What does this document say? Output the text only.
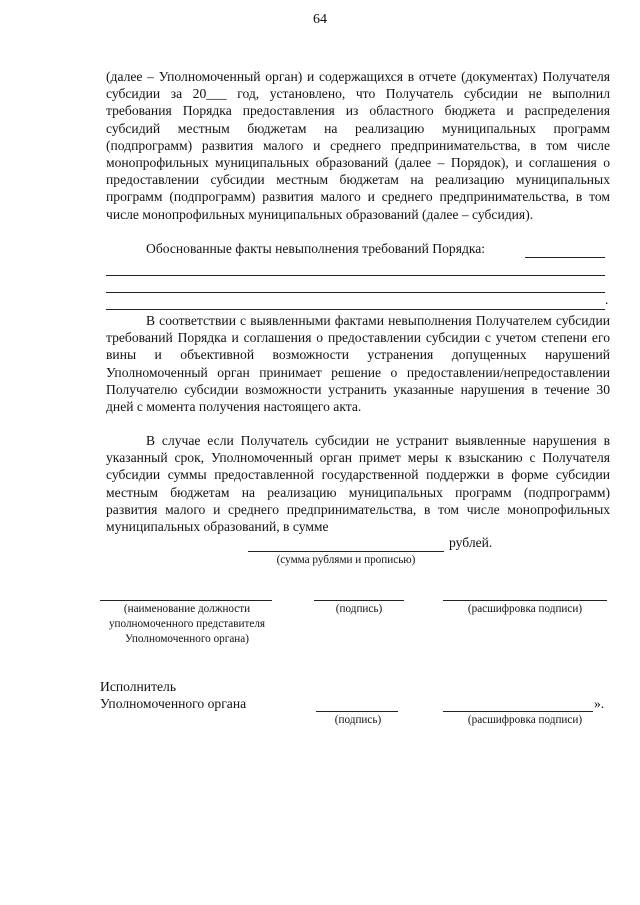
64
(далее – Уполномоченный орган) и содержащихся в отчете (документах) Получателя субсидии за 20___ год, установлено, что Получатель субсидии не выполнил требования Порядка предоставления из областного бюджета и распределения субсидий местным бюджетам на реализацию муниципальных программ (подпрограмм) развития малого и среднего предпринимательства, в том числе монопрофильных муниципальных образований (далее – Порядок), и соглашения о предоставлении субсидии местным бюджетам на реализацию муниципальных программ (подпрограмм) развития малого и среднего предпринимательства, в том числе монопрофильных муниципальных образований (далее – субсидия).
Обоснованные факты невыполнения требований Порядка:
.
В соответствии с выявленными фактами невыполнения Получателем субсидии требований Порядка и соглашения о предоставлении субсидии с учетом степени его вины и объективной возможности устранения допущенных нарушений Уполномоченный орган принимает решение о предоставлении/непредоставлении Получателю субсидии возможности устранить указанные нарушения в течение 30 дней с момента получения настоящего акта.
В случае если Получатель субсидии не устранит выявленные нарушения в указанный срок, Уполномоченный орган примет меры к взысканию с Получателя субсидии суммы предоставленной государственной поддержки в форме субсидии местным бюджетам на реализацию муниципальных программ (подпрограмм) развития малого и среднего предпринимательства, в том числе монопрофильных муниципальных образований, в сумме
рублей.
(сумма рублями и прописью)
(наименование должности уполномоченного представителя Уполномоченного органа)
(подпись)	(расшифровка подписи)
Исполнитель
Уполномоченного органа
(подпись)
».
(расшифровка подписи)
